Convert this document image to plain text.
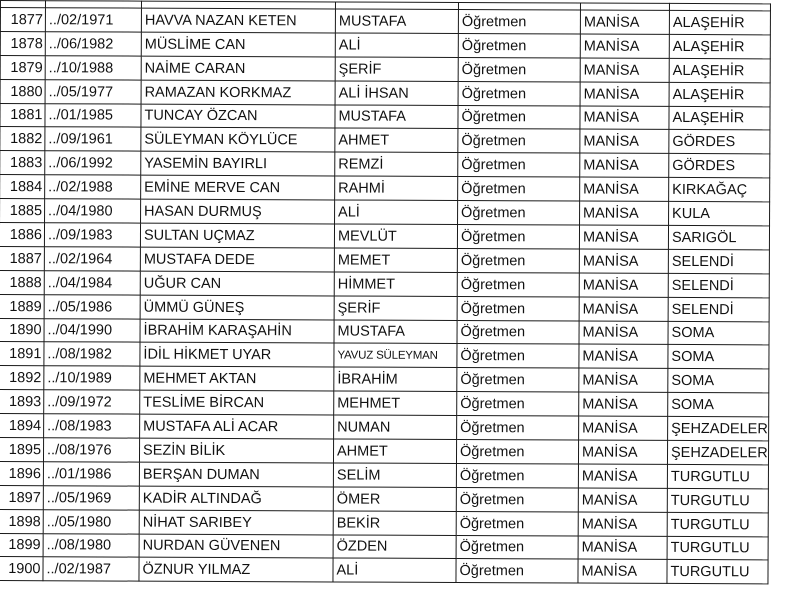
1877	../02/1971	HAVVA NAZAN KETEN	MUSTAFA	Öğretmen	MANİSA	ALAŞEHİR
1878	../06/1982	MÜSLİME CAN	ALİ	Öğretmen	MANİSA	ALAŞEHİR
1879	../10/1988	NAİME CARAN	ŞERİF	Öğretmen	MANİSA	ALAŞEHİR
1880	../05/1977	RAMAZAN KORKMAZ	ALİ İHSAN	Öğretmen	MANİSA	ALAŞEHİR
1881	../01/1985	TUNCAY ÖZCAN	MUSTAFA	Öğretmen	MANİSA	ALAŞEHİR
1882	../09/1961	SÜLEYMAN KÖYLÜCE	AHMET	Öğretmen	MANİSA	GÖRDES
1883	../06/1992	YASEMİN BAYIRLI	REMZİ	Öğretmen	MANİSA	GÖRDES
1884	../02/1988	EMİNE MERVE CAN	RAHMİ	Öğretmen	MANİSA	KIRKAĞAÇ
1885	../04/1980	HASAN DURMUŞ	ALİ	Öğretmen	MANİSA	KULA
1886	../09/1983	SULTAN UÇMAZ	MEVLÜT	Öğretmen	MANİSA	SARIGÖL
1887	../02/1964	MUSTAFA DEDE	MEMET	Öğretmen	MANİSA	SELENDİ
1888	../04/1984	UĞUR CAN	HİMMET	Öğretmen	MANİSA	SELENDİ
1889	../05/1986	ÜMMÜ GÜNEŞ	ŞERİF	Öğretmen	MANİSA	SELENDİ
1890	../04/1990	İBRAHİM KARAŞAHİN	MUSTAFA	Öğretmen	MANİSA	SOMA
1891	../08/1982	İDİL HİKMET UYAR	YAVUZ SÜLEYMAN	Öğretmen	MANİSA	SOMA
1892	../10/1989	MEHMET AKTAN	İBRAHİM	Öğretmen	MANİSA	SOMA
1893	../09/1972	TESLİME BİRCAN	MEHMET	Öğretmen	MANİSA	SOMA
1894	../08/1983	MUSTAFA ALİ ACAR	NUMAN	Öğretmen	MANİSA	ŞEHZADELER
1895	../08/1976	SEZİN BİLİK	AHMET	Öğretmen	MANİSA	ŞEHZADELER
1896	../01/1986	BERŞAN DUMAN	SELİM	Öğretmen	MANİSA	TURGUTLU
1897	../05/1969	KADİR ALTINDAĞ	ÖMER	Öğretmen	MANİSA	TURGUTLU
1898	../05/1980	NİHAT SARIBEY	BEKİR	Öğretmen	MANİSA	TURGUTLU
1899	../08/1980	NURDAN GÜVENEN	ÖZDEN	Öğretmen	MANİSA	TURGUTLU
1900	../02/1987	ÖZNUR YILMAZ	ALİ	Öğretmen	MANİSA	TURGUTLU
